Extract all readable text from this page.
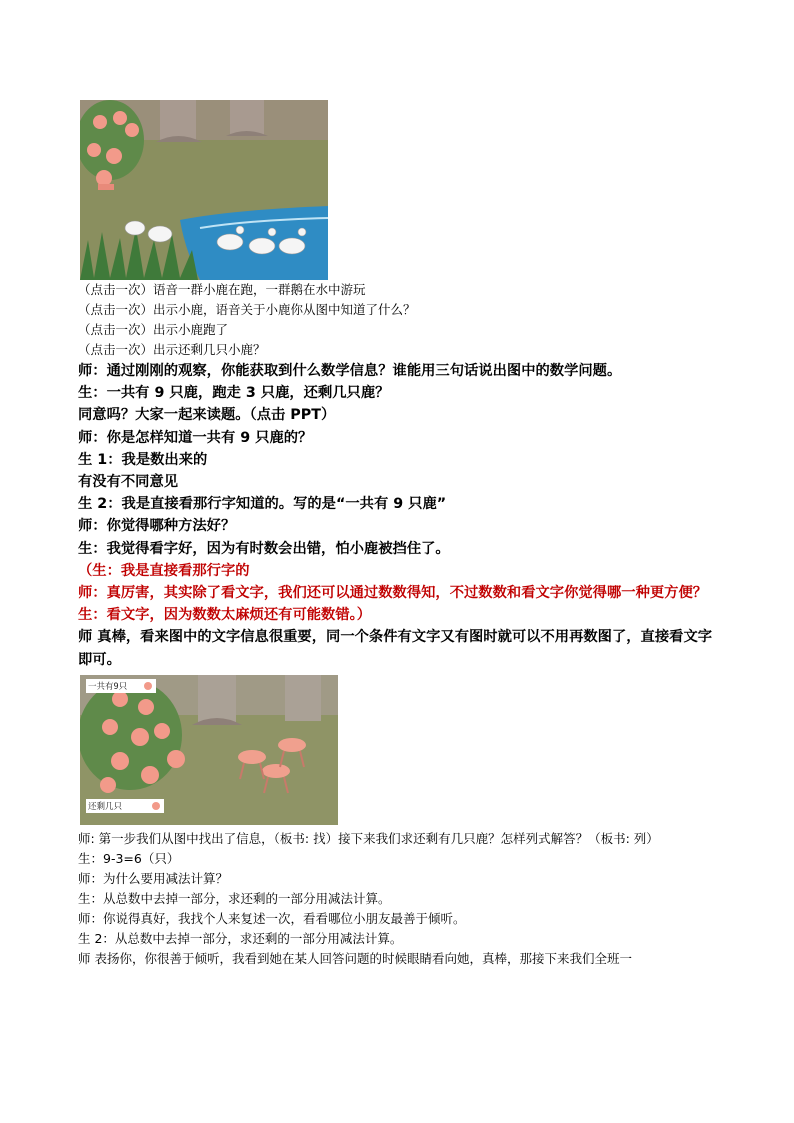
（点击一次）语音一群小鹿在跑，一群鹅在水中游玩
（点击一次）出示小鹿，语音关于小鹿你从图中知道了什么？
（点击一次）出示小鹿跑了
（点击一次）出示还剩几只小鹿？
师：通过刚刚的观察，你能获取到什么数学信息？谁能用三句话说出图中的数学问题。
生：一共有 9 只鹿，跑走 3 只鹿，还剩几只鹿？
同意吗？大家一起来读题。（点击 PPT）
师：你是怎样知道一共有 9 只鹿的？
生 1：我是数出来的
有没有不同意见
生 2：我是直接看那行字知道的。写的是“一共有 9 只鹿”
师：你觉得哪种方法好？
生：我觉得看字好，因为有时数会出错，怕小鹿被挡住了。
（生：我是直接看那行字的
师：真厉害，其实除了看文字，我们还可以通过数数得知，不过数数和看文字你觉得哪一种更方便？
生：看文字，因为数数太麻烦还有可能数错。）
师 真棒，看来图中的文字信息很重要，同一个条件有文字又有图时就可以不用再数图了，直接看文字即可。
一共有9只
还剩几只
师: 第一步我们从图中找出了信息，（板书: 找）接下来我们求还剩有几只鹿？怎样列式解答？（板书: 列）
生：9-3=6（只）
师：为什么要用减法计算？
生：从总数中去掉一部分，求还剩的一部分用减法计算。
师：你说得真好，我找个人来复述一次，看看哪位小朋友最善于倾听。
生 2：从总数中去掉一部分，求还剩的一部分用减法计算。
师 表扬你，你很善于倾听，我看到她在某人回答问题的时候眼睛看向她，真棒，那接下来我们全班一
